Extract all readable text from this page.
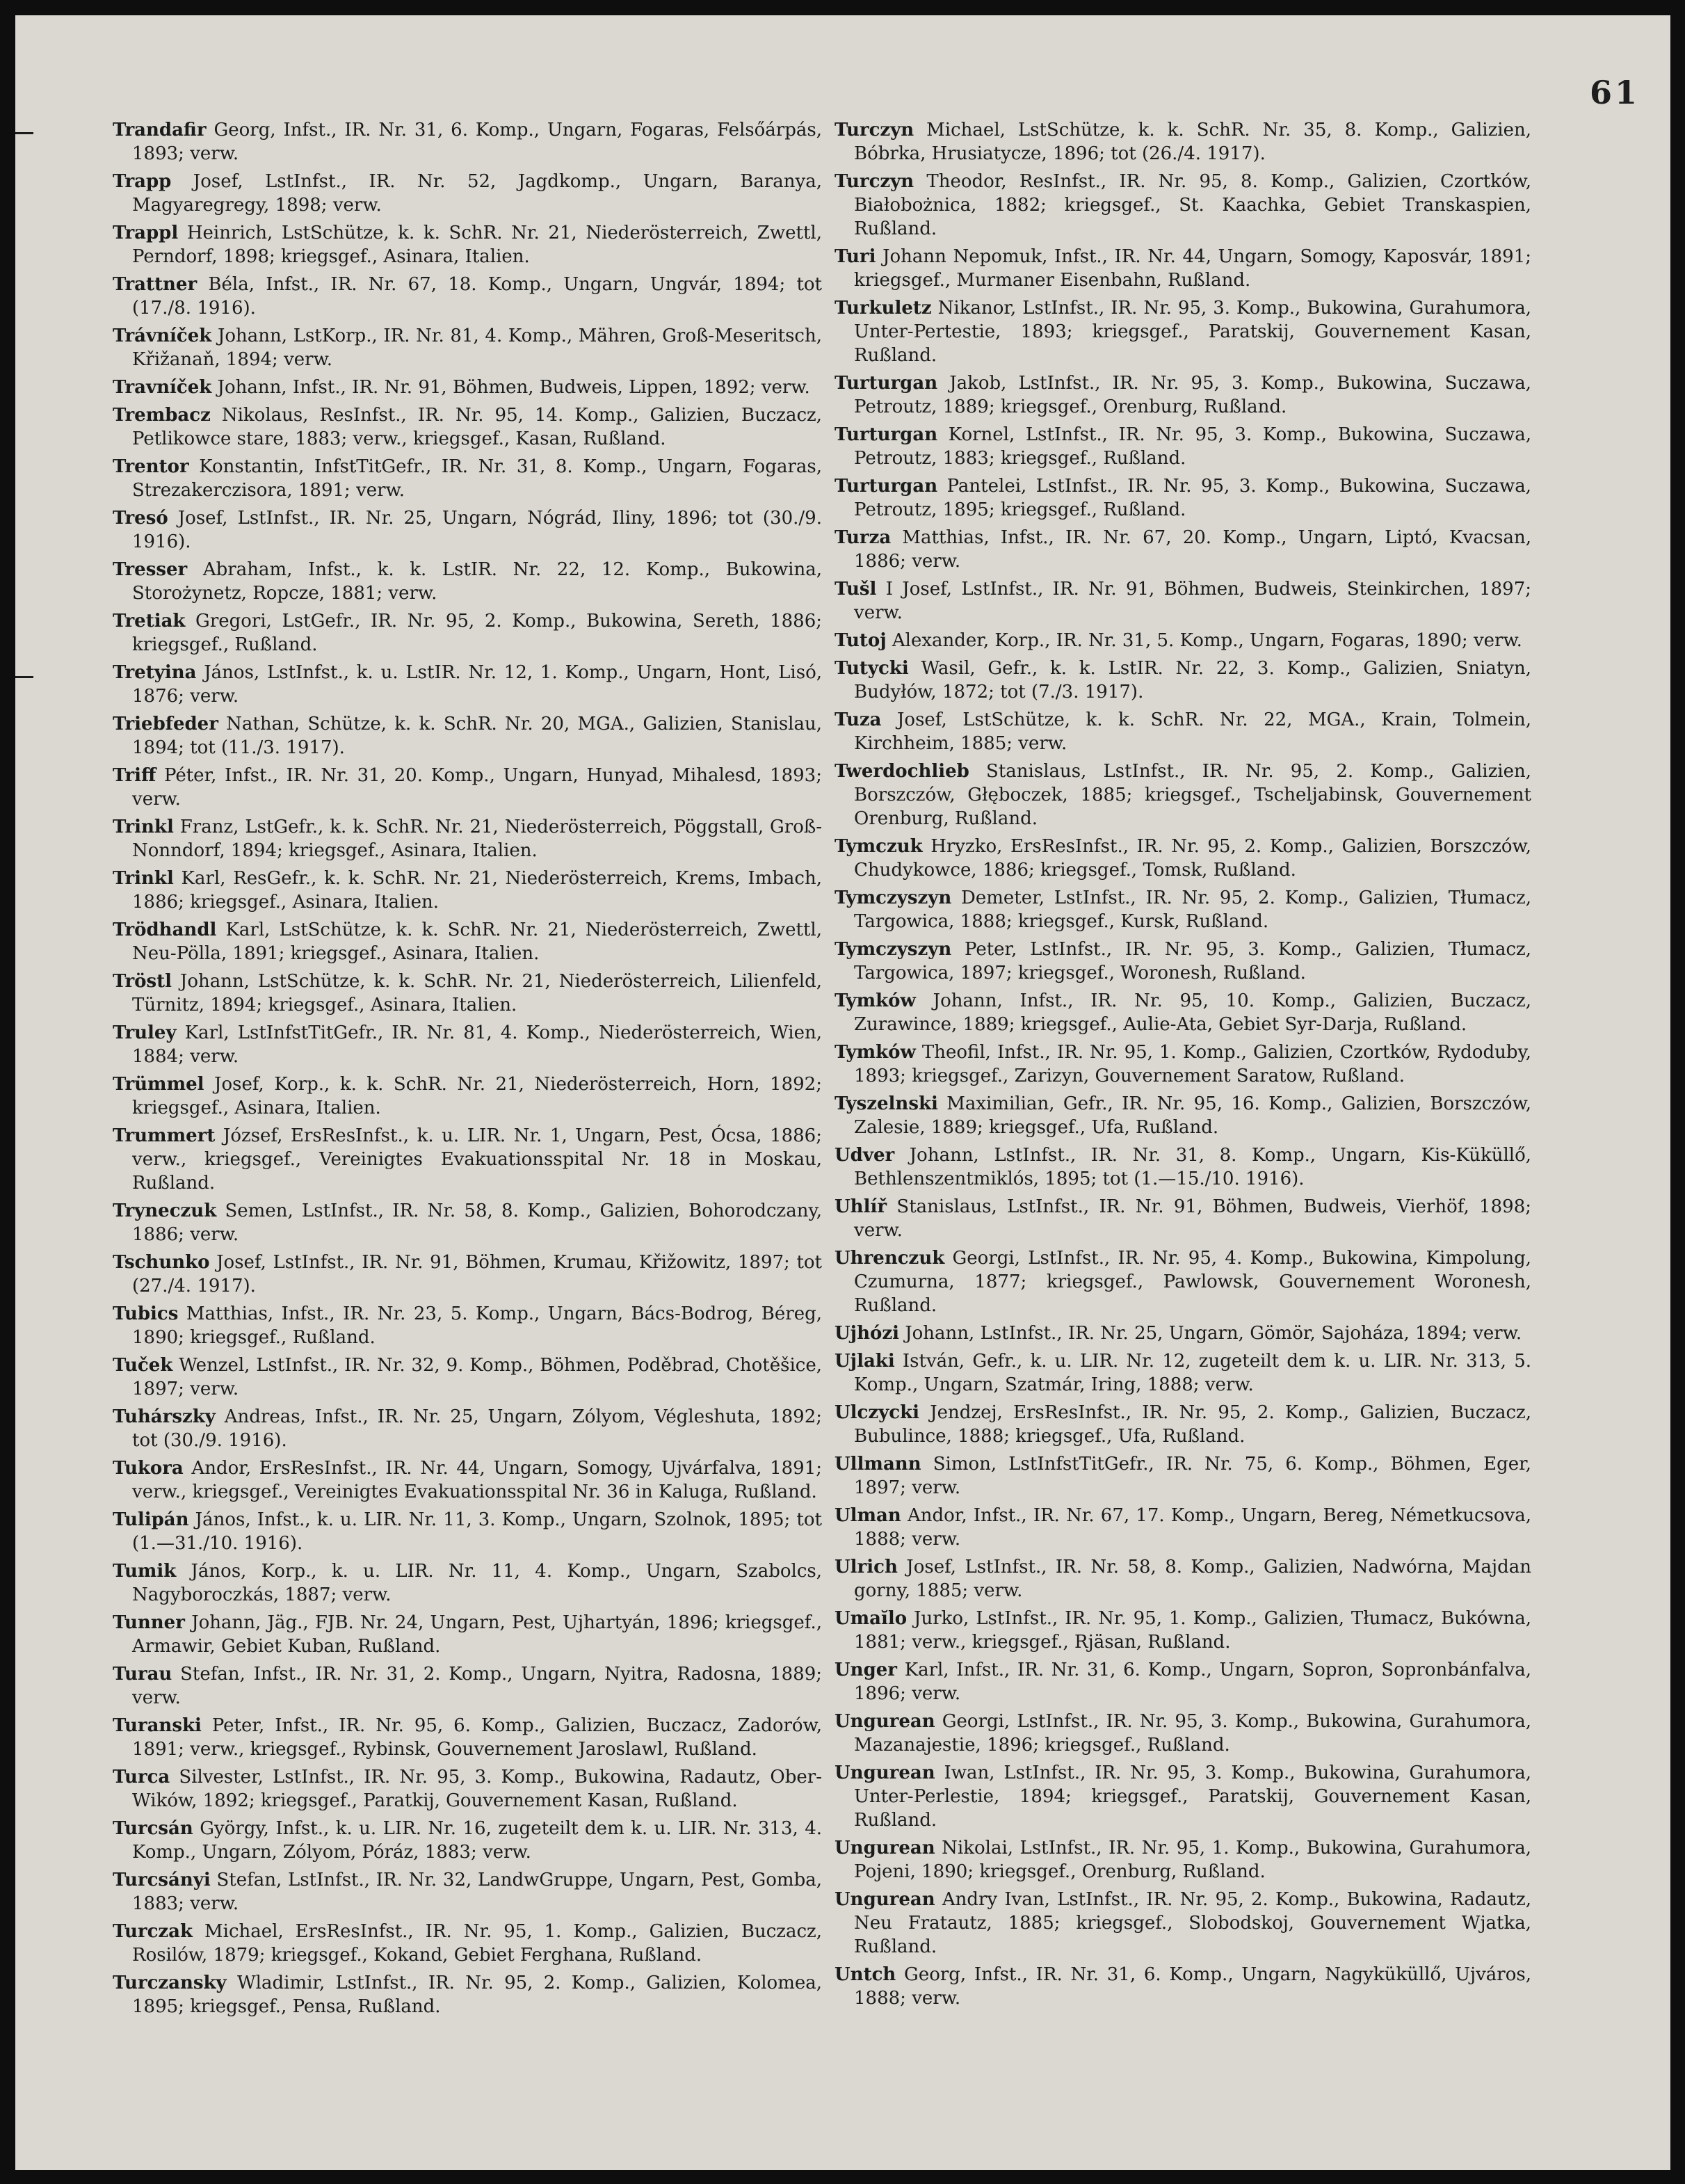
61
Trandafir Georg, Infst., IR. Nr. 31, 6. Komp., Ungarn, Fogaras, Felsőárpás, 1893; verw.
Trapp Josef, LstInfst., IR. Nr. 52, Jagdkomp., Ungarn, Baranya, Magyaregregy, 1898; verw.
Trappl Heinrich, LstSchütze, k. k. SchR. Nr. 21, Niederösterreich, Zwettl, Perndorf, 1898; kriegsgef., Asinara, Italien.
Trattner Béla, Infst., IR. Nr. 67, 18. Komp., Ungarn, Ungvár, 1894; tot (17./8. 1916).
Trávníček Johann, LstKorp., IR. Nr. 81, 4. Komp., Mähren, Groß-Meseritsch, Křižanaň, 1894; verw.
Travníček Johann, Infst., IR. Nr. 91, Böhmen, Budweis, Lippen, 1892; verw.
Trembacz Nikolaus, ResInfst., IR. Nr. 95, 14. Komp., Galizien, Buczacz, Petlikowce stare, 1883; verw., kriegsgef., Kasan, Rußland.
Trentor Konstantin, InfstTitGefr., IR. Nr. 31, 8. Komp., Ungarn, Fogaras, Strezakerczisora, 1891; verw.
Tresó Josef, LstInfst., IR. Nr. 25, Ungarn, Nógrád, Iliny, 1896; tot (30./9. 1916).
Tresser Abraham, Infst., k. k. LstIR. Nr. 22, 12. Komp., Bukowina, Storożynetz, Ropcze, 1881; verw.
Tretiak Gregori, LstGefr., IR. Nr. 95, 2. Komp., Bukowina, Sereth, 1886; kriegsgef., Rußland.
Tretyina János, LstInfst., k. u. LstIR. Nr. 12, 1. Komp., Ungarn, Hont, Lisó, 1876; verw.
Triebfeder Nathan, Schütze, k. k. SchR. Nr. 20, MGA., Galizien, Stanislau, 1894; tot (11./3. 1917).
Triff Péter, Infst., IR. Nr. 31, 20. Komp., Ungarn, Hunyad, Mihalesd, 1893; verw.
Trinkl Franz, LstGefr., k. k. SchR. Nr. 21, Niederösterreich, Pöggstall, Groß-Nonndorf, 1894; kriegsgef., Asinara, Italien.
Trinkl Karl, ResGefr., k. k. SchR. Nr. 21, Niederösterreich, Krems, Imbach, 1886; kriegsgef., Asinara, Italien.
Trödhandl Karl, LstSchütze, k. k. SchR. Nr. 21, Niederösterreich, Zwettl, Neu-Pölla, 1891; kriegsgef., Asinara, Italien.
Tröstl Johann, LstSchütze, k. k. SchR. Nr. 21, Niederösterreich, Lilienfeld, Türnitz, 1894; kriegsgef., Asinara, Italien.
Truley Karl, LstInfstTitGefr., IR. Nr. 81, 4. Komp., Niederösterreich, Wien, 1884; verw.
Trümmel Josef, Korp., k. k. SchR. Nr. 21, Niederösterreich, Horn, 1892; kriegsgef., Asinara, Italien.
Trummert József, ErsResInfst., k. u. LIR. Nr. 1, Ungarn, Pest, Ócsa, 1886; verw., kriegsgef., Vereinigtes Evakuationsspital Nr. 18 in Moskau, Rußland.
Tryneczuk Semen, LstInfst., IR. Nr. 58, 8. Komp., Galizien, Bohorodczany, 1886; verw.
Tschunko Josef, LstInfst., IR. Nr. 91, Böhmen, Krumau, Křižowitz, 1897; tot (27./4. 1917).
Tubics Matthias, Infst., IR. Nr. 23, 5. Komp., Ungarn, Bács-Bodrog, Béreg, 1890; kriegsgef., Rußland.
Tuček Wenzel, LstInfst., IR. Nr. 32, 9. Komp., Böhmen, Poděbrad, Chotěšice, 1897; verw.
Tuhárszky Andreas, Infst., IR. Nr. 25, Ungarn, Zólyom, Végleshuta, 1892; tot (30./9. 1916).
Tukora Andor, ErsResInfst., IR. Nr. 44, Ungarn, Somogy, Ujvárfalva, 1891; verw., kriegsgef., Vereinigtes Evakuationsspital Nr. 36 in Kaluga, Rußland.
Tulipán János, Infst., k. u. LIR. Nr. 11, 3. Komp., Ungarn, Szolnok, 1895; tot (1.—31./10. 1916).
Tumik János, Korp., k. u. LIR. Nr. 11, 4. Komp., Ungarn, Szabolcs, Nagyboroczkás, 1887; verw.
Tunner Johann, Jäg., FJB. Nr. 24, Ungarn, Pest, Ujhartyán, 1896; kriegsgef., Armawir, Gebiet Kuban, Rußland.
Turau Stefan, Infst., IR. Nr. 31, 2. Komp., Ungarn, Nyitra, Radosna, 1889; verw.
Turanski Peter, Infst., IR. Nr. 95, 6. Komp., Galizien, Buczacz, Zadorów, 1891; verw., kriegsgef., Rybinsk, Gouvernement Jaroslawl, Rußland.
Turca Silvester, LstInfst., IR. Nr. 95, 3. Komp., Bukowina, Radautz, Ober-Wików, 1892; kriegsgef., Paratkij, Gouvernement Kasan, Rußland.
Turcsán György, Infst., k. u. LIR. Nr. 16, zugeteilt dem k. u. LIR. Nr. 313, 4. Komp., Ungarn, Zólyom, Póráz, 1883; verw.
Turcsányi Stefan, LstInfst., IR. Nr. 32, LandwGruppe, Ungarn, Pest, Gomba, 1883; verw.
Turczak Michael, ErsResInfst., IR. Nr. 95, 1. Komp., Galizien, Buczacz, Rosilów, 1879; kriegsgef., Kokand, Gebiet Ferghana, Rußland.
Turczansky Wladimir, LstInfst., IR. Nr. 95, 2. Komp., Galizien, Kolomea, 1895; kriegsgef., Pensa, Rußland.
Turczyn Michael, LstSchütze, k. k. SchR. Nr. 35, 8. Komp., Galizien, Bóbrka, Hrusiatycze, 1896; tot (26./4. 1917).
Turczyn Theodor, ResInfst., IR. Nr. 95, 8. Komp., Galizien, Czortków, Białobożnica, 1882; kriegsgef., St. Kaachka, Gebiet Transkaspien, Rußland.
Turi Johann Nepomuk, Infst., IR. Nr. 44, Ungarn, Somogy, Kaposvár, 1891; kriegsgef., Murmaner Eisenbahn, Rußland.
Turkuletz Nikanor, LstInfst., IR. Nr. 95, 3. Komp., Bukowina, Gurahumora, Unter-Pertestie, 1893; kriegsgef., Paratskij, Gouvernement Kasan, Rußland.
Turturgan Jakob, LstInfst., IR. Nr. 95, 3. Komp., Bukowina, Suczawa, Petroutz, 1889; kriegsgef., Orenburg, Rußland.
Turturgan Kornel, LstInfst., IR. Nr. 95, 3. Komp., Bukowina, Suczawa, Petroutz, 1883; kriegsgef., Rußland.
Turturgan Pantelei, LstInfst., IR. Nr. 95, 3. Komp., Bukowina, Suczawa, Petroutz, 1895; kriegsgef., Rußland.
Turza Matthias, Infst., IR. Nr. 67, 20. Komp., Ungarn, Liptó, Kvacsan, 1886; verw.
Tušl I Josef, LstInfst., IR. Nr. 91, Böhmen, Budweis, Steinkirchen, 1897; verw.
Tutoj Alexander, Korp., IR. Nr. 31, 5. Komp., Ungarn, Fogaras, 1890; verw.
Tutycki Wasil, Gefr., k. k. LstIR. Nr. 22, 3. Komp., Galizien, Sniatyn, Budyłów, 1872; tot (7./3. 1917).
Tuza Josef, LstSchütze, k. k. SchR. Nr. 22, MGA., Krain, Tolmein, Kirchheim, 1885; verw.
Twerdochlieb Stanislaus, LstInfst., IR. Nr. 95, 2. Komp., Galizien, Borszczów, Głęboczek, 1885; kriegsgef., Tscheljabinsk, Gouvernement Orenburg, Rußland.
Tymczuk Hryzko, ErsResInfst., IR. Nr. 95, 2. Komp., Galizien, Borszczów, Chudykowce, 1886; kriegsgef., Tomsk, Rußland.
Tymczyszyn Demeter, LstInfst., IR. Nr. 95, 2. Komp., Galizien, Tłumacz, Targowica, 1888; kriegsgef., Kursk, Rußland.
Tymczyszyn Peter, LstInfst., IR. Nr. 95, 3. Komp., Galizien, Tłumacz, Targowica, 1897; kriegsgef., Woronesh, Rußland.
Tymków Johann, Infst., IR. Nr. 95, 10. Komp., Galizien, Buczacz, Zurawince, 1889; kriegsgef., Aulie-Ata, Gebiet Syr-Darja, Rußland.
Tymków Theofil, Infst., IR. Nr. 95, 1. Komp., Galizien, Czortków, Rydoduby, 1893; kriegsgef., Zarizyn, Gouvernement Saratow, Rußland.
Tyszelnski Maximilian, Gefr., IR. Nr. 95, 16. Komp., Galizien, Borszczów, Zalesie, 1889; kriegsgef., Ufa, Rußland.
Udver Johann, LstInfst., IR. Nr. 31, 8. Komp., Ungarn, Kis-Küküllő, Bethlenszentmiklós, 1895; tot (1.—15./10. 1916).
Uhlíř Stanislaus, LstInfst., IR. Nr. 91, Böhmen, Budweis, Vierhöf, 1898; verw.
Uhrenczuk Georgi, LstInfst., IR. Nr. 95, 4. Komp., Bukowina, Kimpolung, Czumurna, 1877; kriegsgef., Pawlowsk, Gouvernement Woronesh, Rußland.
Ujhózi Johann, LstInfst., IR. Nr. 25, Ungarn, Gömör, Sajoháza, 1894; verw.
Ujlaki István, Gefr., k. u. LIR. Nr. 12, zugeteilt dem k. u. LIR. Nr. 313, 5. Komp., Ungarn, Szatmár, Iring, 1888; verw.
Ulczycki Jendzej, ErsResInfst., IR. Nr. 95, 2. Komp., Galizien, Buczacz, Bubulince, 1888; kriegsgef., Ufa, Rußland.
Ullmann Simon, LstInfstTitGefr., IR. Nr. 75, 6. Komp., Böhmen, Eger, 1897; verw.
Ulman Andor, Infst., IR. Nr. 67, 17. Komp., Ungarn, Bereg, Németkucsova, 1888; verw.
Ulrich Josef, LstInfst., IR. Nr. 58, 8. Komp., Galizien, Nadwórna, Majdan gorny, 1885; verw.
Umaĭlo Jurko, LstInfst., IR. Nr. 95, 1. Komp., Galizien, Tłumacz, Bukówna, 1881; verw., kriegsgef., Rjäsan, Rußland.
Unger Karl, Infst., IR. Nr. 31, 6. Komp., Ungarn, Sopron, Sopronbánfalva, 1896; verw.
Ungurean Georgi, LstInfst., IR. Nr. 95, 3. Komp., Bukowina, Gurahumora, Mazanajestie, 1896; kriegsgef., Rußland.
Ungurean Iwan, LstInfst., IR. Nr. 95, 3. Komp., Bukowina, Gurahumora, Unter-Perlestie, 1894; kriegsgef., Paratskij, Gouvernement Kasan, Rußland.
Ungurean Nikolai, LstInfst., IR. Nr. 95, 1. Komp., Bukowina, Gurahumora, Pojeni, 1890; kriegsgef., Orenburg, Rußland.
Ungurean Andry Ivan, LstInfst., IR. Nr. 95, 2. Komp., Bukowina, Radautz, Neu Fratautz, 1885; kriegsgef., Slobodskoj, Gouvernement Wjatka, Rußland.
Untch Georg, Infst., IR. Nr. 31, 6. Komp., Ungarn, Nagyküküllő, Ujváros, 1888; verw.
